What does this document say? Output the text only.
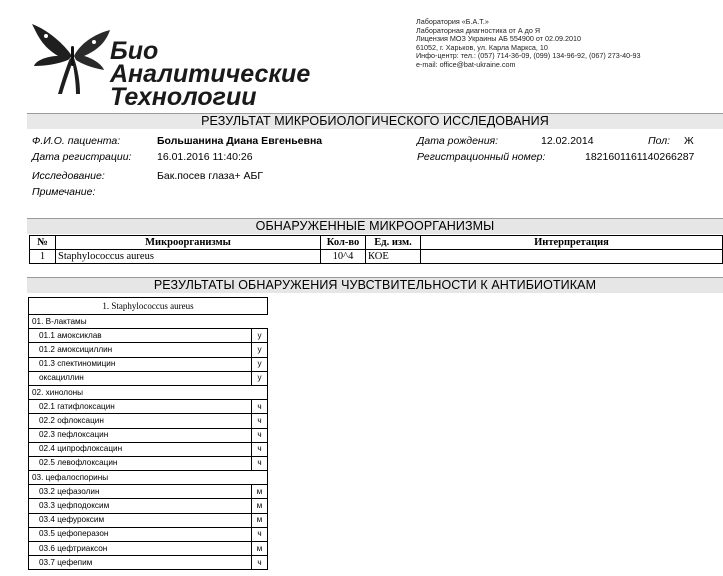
Био
Аналитические
Технологии
Лаборатория «Б.А.Т.»
Лабораторная диагностика от А до Я
Лицензия МОЗ Украины АБ 554900 от 02.09.2010
61052, г. Харьков, ул. Карла Маркса, 10
Инфо-центр: тел.: (057) 714-36-09, (099) 134-96-92, (067) 273-40-93
e-mail: office@bat-ukraine.com
РЕЗУЛЬТАТ МИКРОБИОЛОГИЧЕСКОГО ИССЛЕДОВАНИЯ
Ф.И.О. пациента:	Большанина Диана Евгеньевна	Дата рождения:	12.02.2014	Пол: Ж
Дата регистрации: 16.01.2016 11:40:26	Регистрационный номер:	1821601161140266287
Исследование:	Бак.посев глаза+ АБГ
Примечание:
ОБНАРУЖЕННЫЕ МИКРООРГАНИЗМЫ
№	Микроорганизмы	Кол-во	Ед. изм.	Интерпретация
1	Staphylococcus aureus	10^4	КОЕ	
РЕЗУЛЬТАТЫ ОБНАРУЖЕНИЯ ЧУВСТВИТЕЛЬНОСТИ К АНТИБИОТИКАМ
1. Staphylococcus aureus	
01. B-лактамы	
01.1 амоксиклав	у
01.2 амоксициллин	у
01.3 спектиномицин	у
оксациллин	у
02. хинолоны	
02.1 гатифлоксацин	ч
02.2 офлоксацин	ч
02.3 пефлоксацин	ч
02.4 ципрофлоксацин	ч
02.5 левофлоксацин	ч
03. цефалоспорины	
03.2 цефазолин	м
03.3 цефподоксим	м
03.4 цефуроксим	м
03.5 цефоперазон	ч
03.6 цефтриаксон	м
03.7 цефепим	ч
